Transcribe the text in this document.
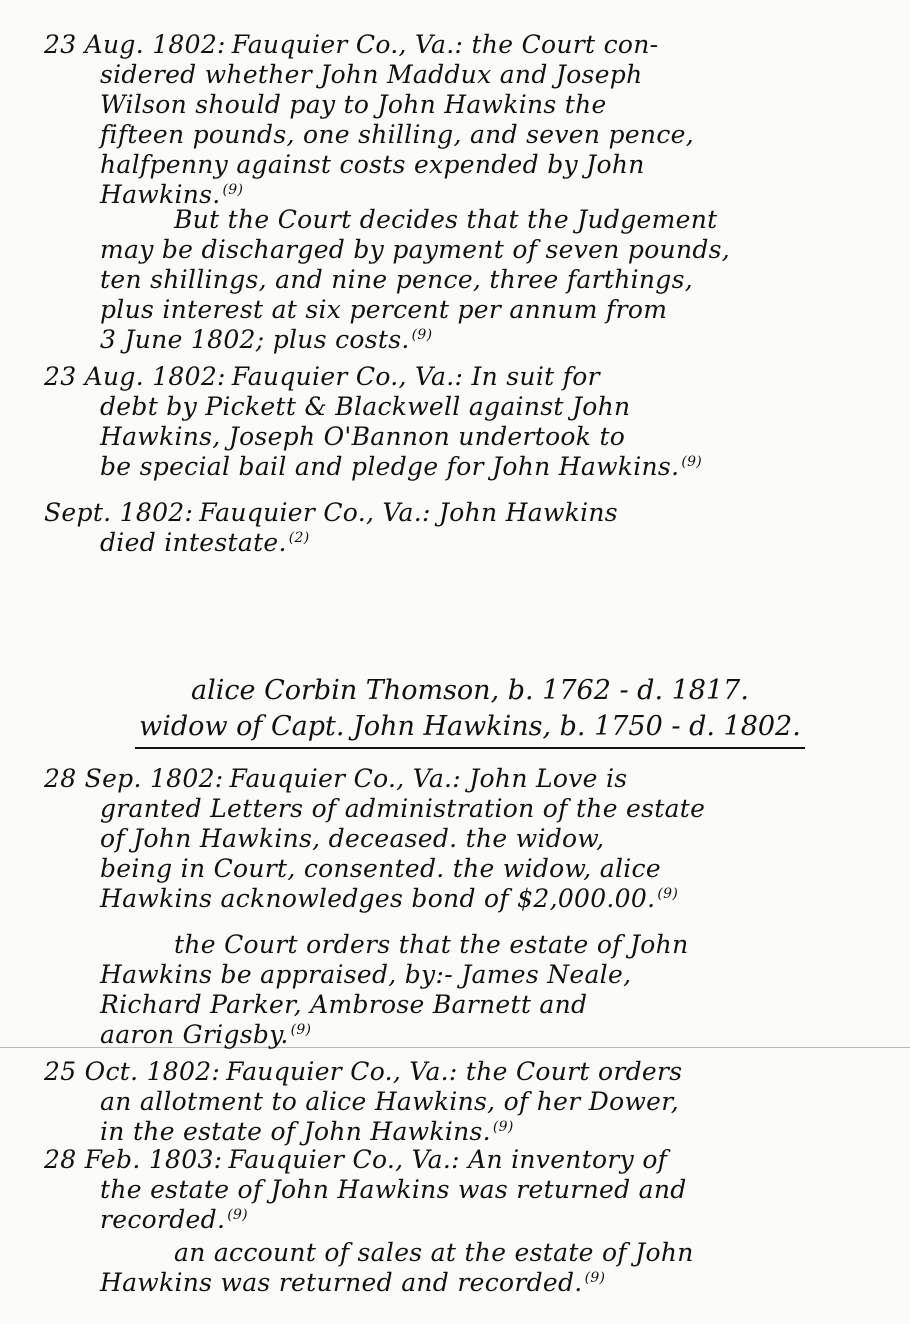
23 Aug. 1802: Fauquier Co., Va.: the Court con-
sidered whether John Maddux and Joseph
Wilson should pay to John Hawkins the
fifteen pounds, one shilling, and seven pence,
halfpenny against costs expended by John
Hawkins. $^{(9)}$
But the Court decides that the Judgement
may be discharged by payment of seven pounds,
ten shillings, and nine pence, three farthings,
plus interest at six percent per annum from
3 June 1802; plus costs. $^{(9)}$
23 Aug. 1802: Fauquier Co., Va.: In suit for
debt by Pickett & Blackwell against John
Hawkins, Joseph O'Bannon undertook to
be special bail and pledge for John Hawkins. $^{(9)}$
Sept. 1802: Fauquier Co., Va.: John Hawkins
died intestate. $^{(2)}$
alice Corbin Thomson, b. 1762 - d. 1817.
widow of Capt. John Hawkins, b. 1750 - d. 1802.
28 Sep. 1802: Fauquier Co., Va.: John Love is
granted Letters of administration of the estate
of John Hawkins, deceased. the widow,
being in Court, consented. the widow, alice
Hawkins acknowledges bond of $2,000.00. $^{(9)}$
the Court orders that the estate of John
Hawkins be appraised, by:- James Neale,
Richard Parker, Ambrose Barnett and
aaron Grigsby. $^{(9)}$
25 Oct. 1802: Fauquier Co., Va.: the Court orders
an allotment to alice Hawkins, of her Dower,
in the estate of John Hawkins. $^{(9)}$
28 Feb. 1803: Fauquier Co., Va.: An inventory of
the estate of John Hawkins was returned and
recorded. $^{(9)}$
an account of sales at the estate of John
Hawkins was returned and recorded. $^{(9)}$
